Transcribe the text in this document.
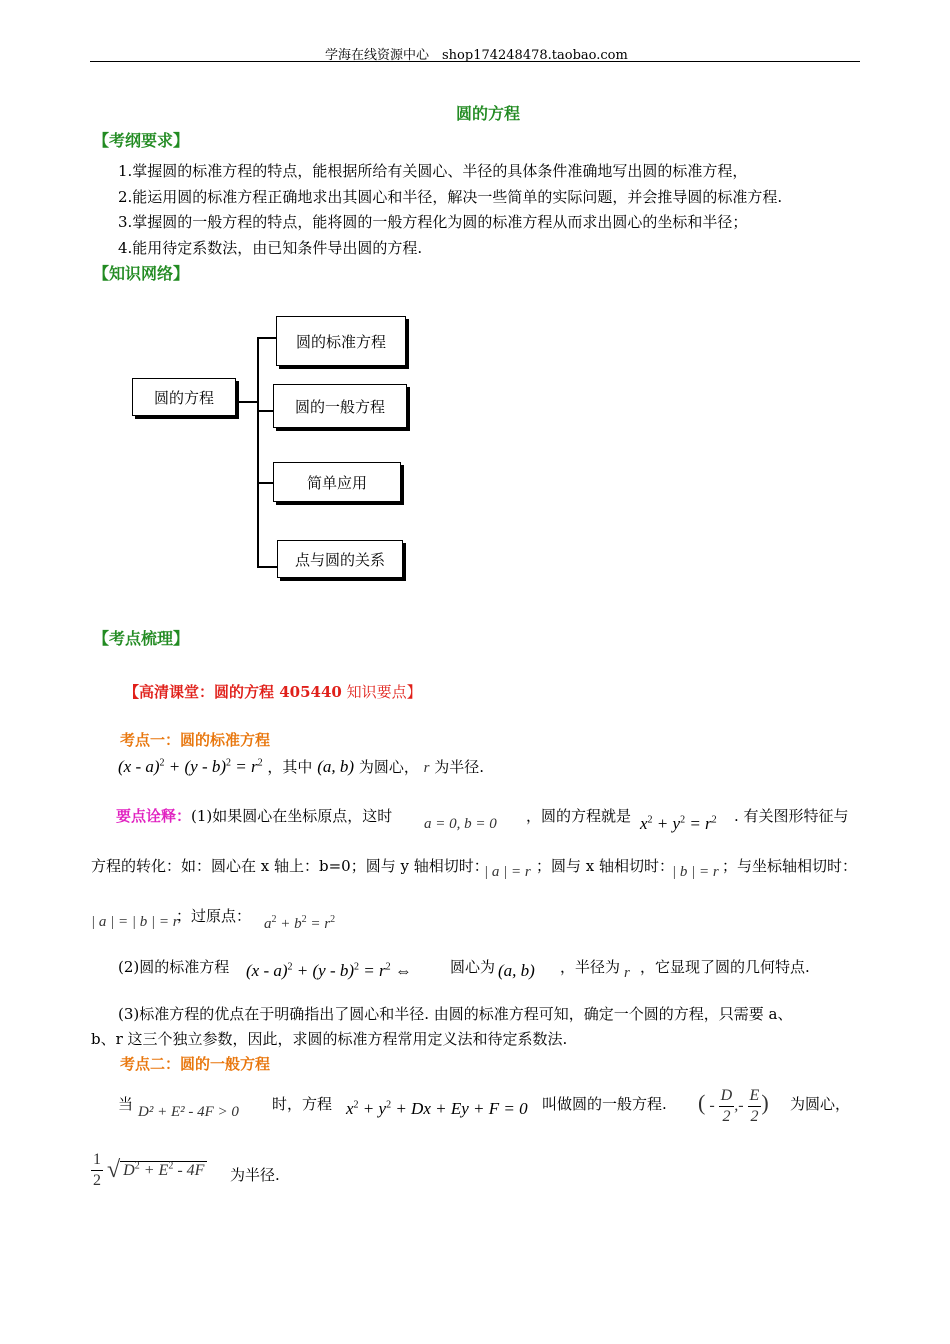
学海在线资源中心　shop174248478.taobao.com
圆的方程
【考纲要求】
1.掌握圆的标准方程的特点，能根据所给有关圆心、半径的具体条件准确地写出圆的标准方程，
2.能运用圆的标准方程正确地求出其圆心和半径，解决一些简单的实际问题，并会推导圆的标准方程.
3.掌握圆的一般方程的特点，能将圆的一般方程化为圆的标准方程从而求出圆心的坐标和半径；
4.能用待定系数法，由已知条件导出圆的方程.
【知识网络】
圆的方程
圆的标准方程
圆的一般方程
简单应用
点与圆的关系
【考点梳理】
【高清课堂：圆的方程 405440 知识要点】
考点一：圆的标准方程
$(x - a)^2 + (y - b)^2 = r^2$ ，其中 (a, b) 为圆心， r 为半径.
要点诠释：(1)如果圆心在坐标原点，这时 a = 0, b = 0 ，圆的方程就是 $x^2 + y^2 = r^2$ . 有关图形特征与
方程的转化：如：圆心在 x 轴上：b=0；圆与 y 轴相切时：
| a | = r ；圆与 x 轴相切时：
| b | = r ；与坐标轴相切时：
| a | = | b | = r
；过原点： $a^2 + b^2 = r^2$
(2)圆的标准方程 $(x - a)^2 + (y - b)^2 = r^2$ ⇔	圆心为 (a, b) ，半径为 r ，它显现了圆的几何特点.
(3)标准方程的优点在于明确指出了圆心和半径. 由圆的标准方程可知，确定一个圆的方程，只需要 a、
b、r 这三个独立参数，因此，求圆的标准方程常用定义法和待定系数法.
考点二：圆的一般方程
当 D² + E² - 4F > 0 时，方程 $x^2 + y^2 + Dx + Ey + F = 0$ 叫做圆的一般方程. ( - $\frac{D}{2}$ ,- $\frac{E}{2}$ ) 为圆心，
$\frac{1}{2}$ √ $D^2 + E^2 - 4F$ 为半径.
